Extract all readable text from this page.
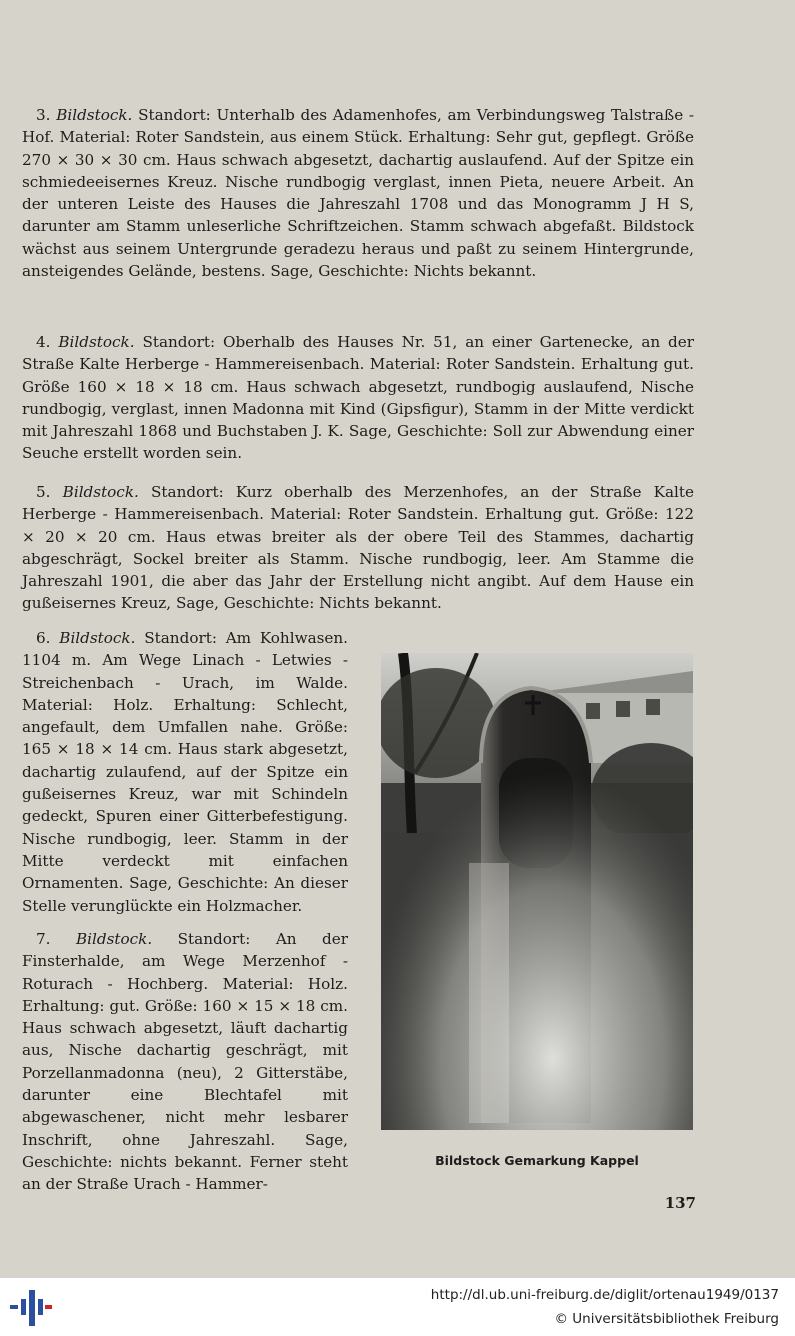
3. Bildstock. Standort: Unterhalb des Adamenhofes, am Verbindungsweg Talstraße - Hof. Material: Roter Sandstein, aus einem Stück. Erhaltung: Sehr gut, gepflegt. Größe 270 ⨯ 30 ⨯ 30 cm. Haus schwach abgesetzt, dachartig auslaufend. Auf der Spitze ein schmiedeeisernes Kreuz. Nische rundbogig verglast, innen Pieta, neuere Arbeit. An der unteren Leiste des Hauses die Jahreszahl 1708 und das Monogramm J H S, darunter am Stamm unleserliche Schriftzeichen. Stamm schwach abgefaßt. Bildstock wächst aus seinem Untergrunde geradezu heraus und paßt zu seinem Hintergrunde, ansteigendes Gelände, bestens. Sage, Geschichte: Nichts bekannt.

4. Bildstock. Standort: Oberhalb des Hauses Nr. 51, an einer Gartenecke, an der Straße Kalte Herberge - Hammereisenbach. Material: Roter Sandstein. Erhaltung gut. Größe 160 ⨯ 18 ⨯ 18 cm. Haus schwach abgesetzt, rundbogig auslaufend, Nische rundbogig, verglast, innen Madonna mit Kind (Gipsfigur), Stamm in der Mitte verdickt mit Jahreszahl 1868 und Buchstaben J. K. Sage, Geschichte: Soll zur Abwendung einer Seuche erstellt worden sein.

5. Bildstock. Standort: Kurz oberhalb des Merzenhofes, an der Straße Kalte Herberge - Hammereisenbach. Material: Roter Sandstein. Erhaltung gut. Größe: 122 ⨯ 20 ⨯ 20 cm. Haus etwas breiter als der obere Teil des Stammes, dachartig abgeschrägt, Sockel breiter als Stamm. Nische rundbogig, leer. Am Stamme die Jahreszahl 1901, die aber das Jahr der Erstellung nicht angibt. Auf dem Hause ein gußeisernes Kreuz, Sage, Geschichte: Nichts bekannt.

6. Bildstock. Standort: Am Kohlwasen. 1104 m. Am Wege Linach - Letwies - Streichenbach - Urach, im Walde. Material: Holz. Erhaltung: Schlecht, angefault, dem Umfallen nahe. Größe: 165 ⨯ 18 ⨯ 14 cm. Haus stark abgesetzt, dachartig zulaufend, auf der Spitze ein gußeisernes Kreuz, war mit Schindeln gedeckt, Spuren einer Gitterbefestigung. Nische rundbogig, leer. Stamm in der Mitte verdeckt mit einfachen Ornamenten. Sage, Geschichte: An dieser Stelle verunglückte ein Holzmacher.

7. Bildstock. Standort: An der Finsterhalde, am Wege Merzenhof - Roturach - Hochberg. Material: Holz. Erhaltung: gut. Größe: 160 ⨯ 15 ⨯ 18 cm. Haus schwach abgesetzt, läuft dachartig aus, Nische dachartig geschrägt, mit Porzellanmadonna (neu), 2 Gitterstäbe, darunter eine Blechtafel mit abgewaschener, nicht mehr lesbarer Inschrift, ohne Jahreszahl. Sage, Geschichte: nichts bekannt. Ferner steht an der Straße Urach - Hammer-

Bildstock Gemarkung Kappel
137
http://dl.ub.uni-freiburg.de/diglit/ortenau1949/0137
© Universitätsbibliothek Freiburg
